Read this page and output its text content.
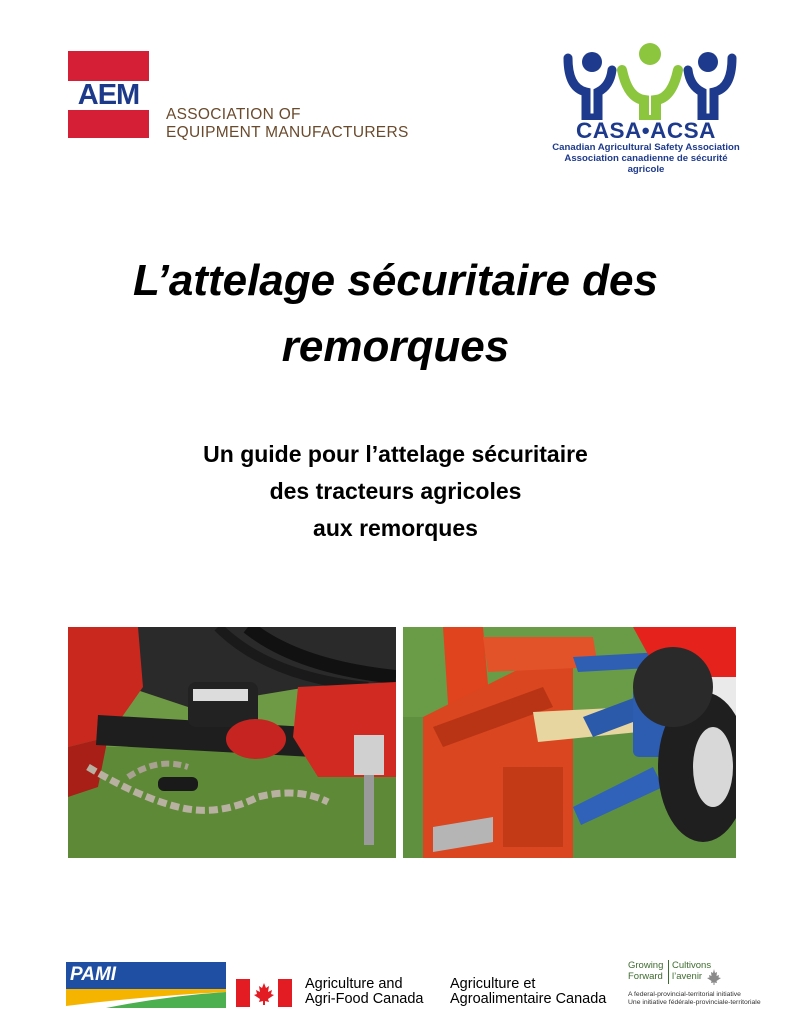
AEM
ASSOCIATION OF
EQUIPMENT MANUFACTURERS	CASA•ACSA
Canadian Agricultural Safety Association
Association canadienne de sécurité agricole
L’attelage sécuritaire des
remorques
Un guide pour l’attelage sécuritaire
des tracteurs agricoles
aux remorques
PAMI	Agriculture and
Agri-Food Canada
Agriculture et
Agroalimentaire Canada
Growing
Forward
Cultivons
l’avenir
A federal-provincial-territorial initiative
Une initiative fédérale-provinciale-territoriale
